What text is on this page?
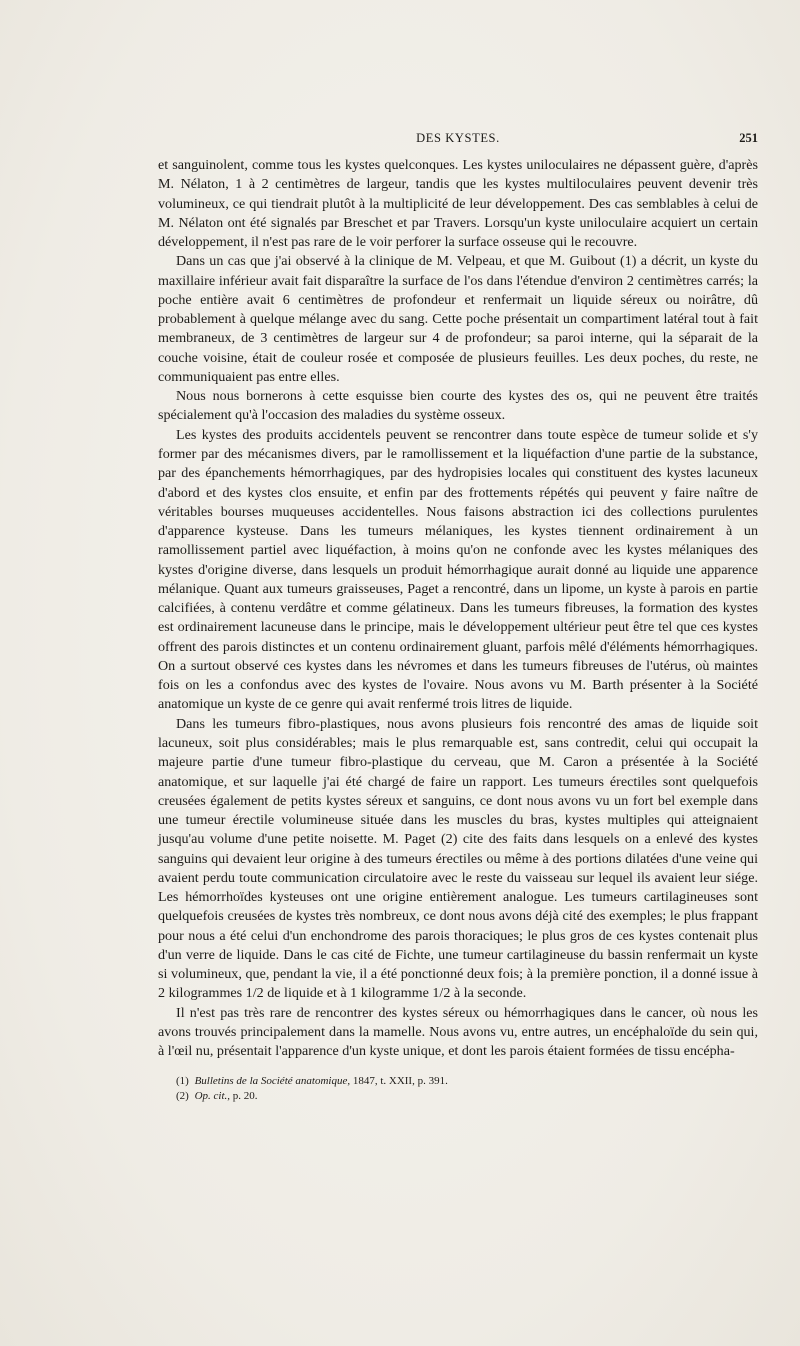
DES KYSTES.	251

et sanguinolent, comme tous les kystes quelconques. Les kystes uniloculaires ne dépassent guère, d'après M. Nélaton, 1 à 2 centimètres de largeur, tandis que les kystes multiloculaires peuvent devenir très volumineux, ce qui tiendrait plutôt à la multiplicité de leur développement. Des cas semblables à celui de M. Nélaton ont été signalés par Breschet et par Travers. Lorsqu'un kyste uniloculaire acquiert un certain développement, il n'est pas rare de le voir perforer la surface osseuse qui le recouvre.

Dans un cas que j'ai observé à la clinique de M. Velpeau, et que M. Guibout (1) a décrit, un kyste du maxillaire inférieur avait fait disparaître la surface de l'os dans l'étendue d'environ 2 centimètres carrés; la poche entière avait 6 centimètres de profondeur et renfermait un liquide séreux ou noirâtre, dû probablement à quelque mélange avec du sang. Cette poche présentait un compartiment latéral tout à fait membraneux, de 3 centimètres de largeur sur 4 de profondeur; sa paroi interne, qui la séparait de la couche voisine, était de couleur rosée et composée de plusieurs feuilles. Les deux poches, du reste, ne communiquaient pas entre elles.

Nous nous bornerons à cette esquisse bien courte des kystes des os, qui ne peuvent être traités spécialement qu'à l'occasion des maladies du système osseux.

Les kystes des produits accidentels peuvent se rencontrer dans toute espèce de tumeur solide et s'y former par des mécanismes divers, par le ramollissement et la liquéfaction d'une partie de la substance, par des épanchements hémorrhagiques, par des hydropisies locales qui constituent des kystes lacuneux d'abord et des kystes clos ensuite, et enfin par des frottements répétés qui peuvent y faire naître de véritables bourses muqueuses accidentelles. Nous faisons abstraction ici des collections purulentes d'apparence kysteuse. Dans les tumeurs mélaniques, les kystes tiennent ordinairement à un ramollissement partiel avec liquéfaction, à moins qu'on ne confonde avec les kystes mélaniques des kystes d'origine diverse, dans lesquels un produit hémorrhagique aurait donné au liquide une apparence mélanique. Quant aux tumeurs graisseuses, Paget a rencontré, dans un lipome, un kyste à parois en partie calcifiées, à contenu verdâtre et comme gélatineux. Dans les tumeurs fibreuses, la formation des kystes est ordinairement lacuneuse dans le principe, mais le développement ultérieur peut être tel que ces kystes offrent des parois distinctes et un contenu ordinairement gluant, parfois mêlé d'éléments hémorrhagiques. On a surtout observé ces kystes dans les névromes et dans les tumeurs fibreuses de l'utérus, où maintes fois on les a confondus avec des kystes de l'ovaire. Nous avons vu M. Barth présenter à la Société anatomique un kyste de ce genre qui avait renfermé trois litres de liquide.

Dans les tumeurs fibro-plastiques, nous avons plusieurs fois rencontré des amas de liquide soit lacuneux, soit plus considérables; mais le plus remarquable est, sans contredit, celui qui occupait la majeure partie d'une tumeur fibro-plastique du cerveau, que M. Caron a présentée à la Société anatomique, et sur laquelle j'ai été chargé de faire un rapport. Les tumeurs érectiles sont quelquefois creusées également de petits kystes séreux et sanguins, ce dont nous avons vu un fort bel exemple dans une tumeur érectile volumineuse située dans les muscles du bras, kystes multiples qui atteignaient jusqu'au volume d'une petite noisette. M. Paget (2) cite des faits dans lesquels on a enlevé des kystes sanguins qui devaient leur origine à des tumeurs érectiles ou même à des portions dilatées d'une veine qui avaient perdu toute communication circulatoire avec le reste du vaisseau sur lequel ils avaient leur siége. Les hémorrhoïdes kysteuses ont une origine entièrement analogue. Les tumeurs cartilagineuses sont quelquefois creusées de kystes très nombreux, ce dont nous avons déjà cité des exemples; le plus frappant pour nous a été celui d'un enchondrome des parois thoraciques; le plus gros de ces kystes contenait plus d'un verre de liquide. Dans le cas cité de Fichte, une tumeur cartilagineuse du bassin renfermait un kyste si volumineux, que, pendant la vie, il a été ponctionné deux fois; à la première ponction, il a donné issue à 2 kilogrammes 1/2 de liquide et à 1 kilogramme 1/2 à la seconde.

Il n'est pas très rare de rencontrer des kystes séreux ou hémorrhagiques dans le cancer, où nous les avons trouvés principalement dans la mamelle. Nous avons vu, entre autres, un encéphaloïde du sein qui, à l'œil nu, présentait l'apparence d'un kyste unique, et dont les parois étaient formées de tissu encépha-

(1) Bulletins de la Société anatomique, 1847, t. XXII, p. 391.

(2) Op. cit., p. 20.
